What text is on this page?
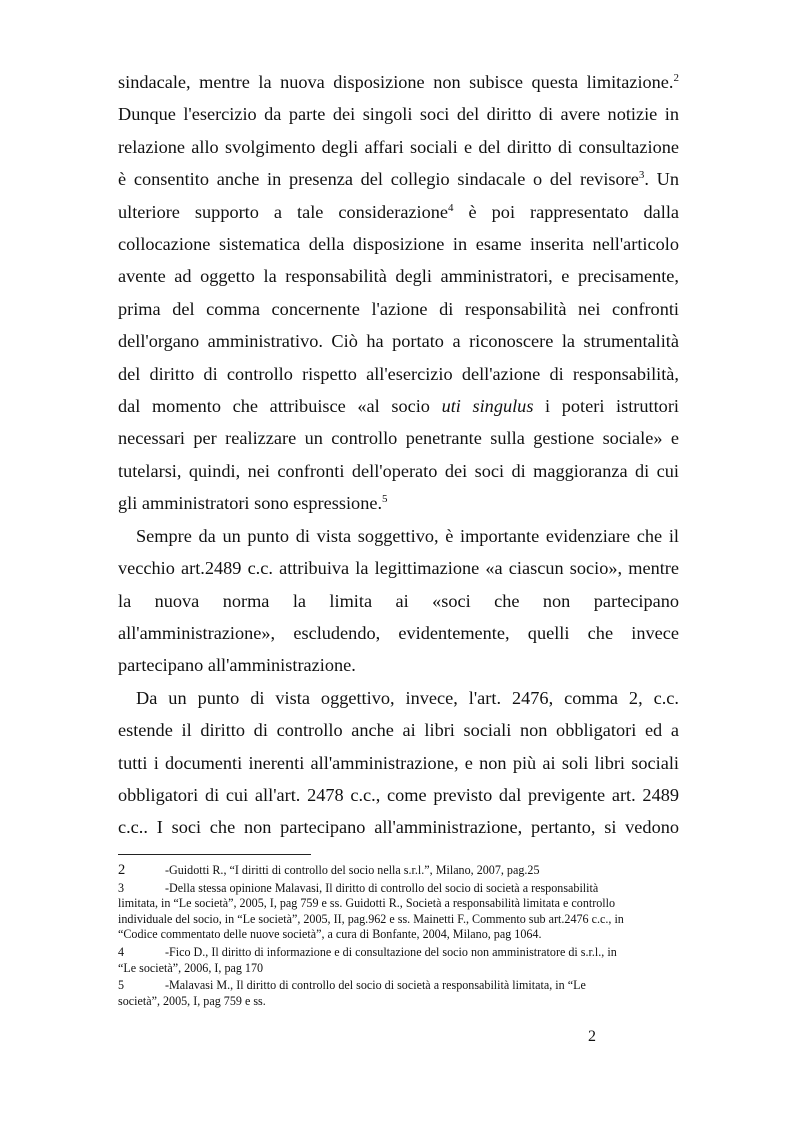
sindacale, mentre la nuova disposizione non subisce questa limitazione.$^2$
Dunque l'esercizio da parte dei singoli soci del diritto di avere notizie in
relazione allo svolgimento degli affari sociali e del diritto di consultazione
è consentito anche in presenza del collegio sindacale o del revisore$^3$. Un
ulteriore supporto a tale considerazione$^4$ è poi rappresentato dalla
collocazione sistematica della disposizione in esame inserita nell'articolo
avente ad oggetto la responsabilità degli amministratori, e precisamente,
prima del comma concernente l'azione di responsabilità nei confronti
dell'organo amministrativo. Ciò ha portato a riconoscere la strumentalità
del diritto di controllo rispetto all'esercizio dell'azione di responsabilità,
dal momento che attribuisce «al socio uti singulus i poteri istruttori
necessari per realizzare un controllo penetrante sulla gestione sociale» e
tutelarsi, quindi, nei confronti dell'operato dei soci di maggioranza di cui
gli amministratori sono espressione.$^5$
Sempre da un punto di vista soggettivo, è importante evidenziare che il
vecchio art.2489 c.c. attribuiva la legittimazione «a ciascun socio», mentre
la nuova norma la limita ai «soci che non partecipano
all'amministrazione», escludendo, evidentemente, quelli che invece
partecipano all'amministrazione.
Da un punto di vista oggettivo, invece, l'art. 2476, comma 2, c.c.
estende il diritto di controllo anche ai libri sociali non obbligatori ed a
tutti i documenti inerenti all'amministrazione, e non più ai soli libri sociali
obbligatori di cui all'art. 2478 c.c., come previsto dal previgente art. 2489
c.c.. I soci che non partecipano all'amministrazione, pertanto, si vedono
2	-Guidotti R., “I diritti di controllo del socio nella s.r.l.”, Milano, 2007, pag.25
3	-Della stessa opinione Malavasi, Il diritto di controllo del socio di società a responsabilità
limitata, in “Le società”, 2005, I, pag 759 e ss. Guidotti R., Società a responsabilità limitata e controllo
individuale del socio, in “Le società”, 2005, II, pag.962 e ss. Mainetti F., Commento sub art.2476 c.c., in
“Codice commentato delle nuove società”, a cura di Bonfante, 2004, Milano, pag 1064.
4	-Fico D., Il diritto di informazione e di consultazione del socio non amministratore di s.r.l., in
“Le società”, 2006, I, pag 170
5	-Malavasi M., Il diritto di controllo del socio di società a responsabilità limitata, in “Le
società”, 2005, I, pag 759 e ss.
2
